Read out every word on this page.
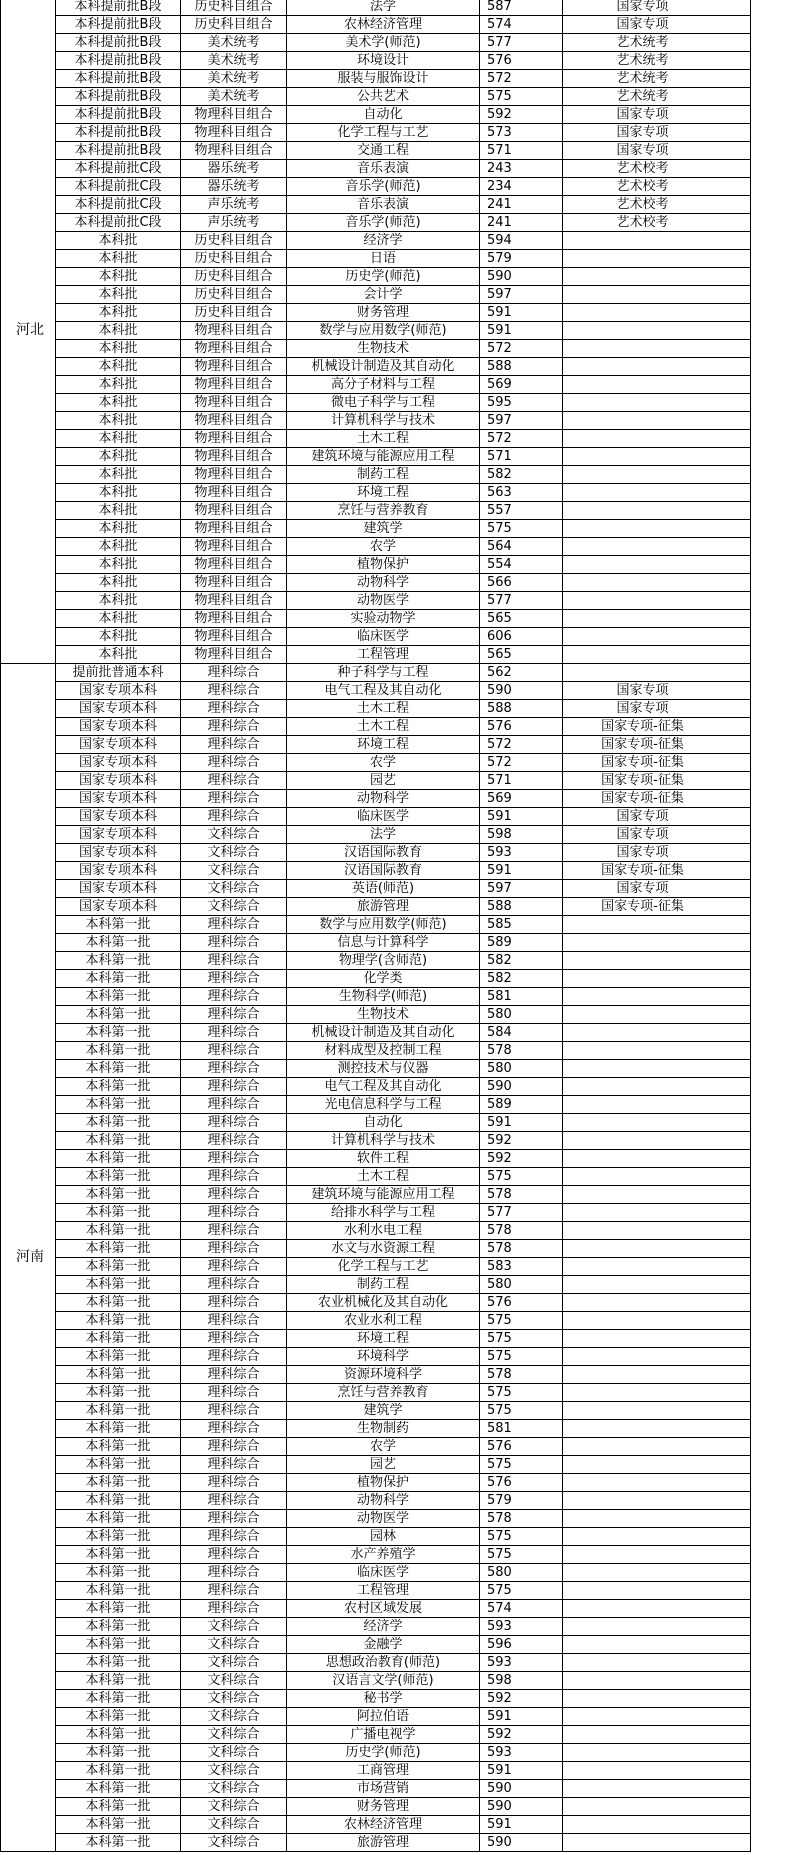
河北	本科提前批B段	历史科目组合	法学	587	国家专项
	本科提前批B段	历史科目组合	农林经济管理	574	国家专项
	本科提前批B段	美术统考	美术学(师范)	577	艺术统考
	本科提前批B段	美术统考	环境设计	576	艺术统考
	本科提前批B段	美术统考	服装与服饰设计	572	艺术统考
	本科提前批B段	美术统考	公共艺术	575	艺术统考
	本科提前批B段	物理科目组合	自动化	592	国家专项
	本科提前批B段	物理科目组合	化学工程与工艺	573	国家专项
	本科提前批B段	物理科目组合	交通工程	571	国家专项
	本科提前批C段	器乐统考	音乐表演	243	艺术校考
	本科提前批C段	器乐统考	音乐学(师范)	234	艺术校考
	本科提前批C段	声乐统考	音乐表演	241	艺术校考
	本科提前批C段	声乐统考	音乐学(师范)	241	艺术校考
	本科批	历史科目组合	经济学	594	
	本科批	历史科目组合	日语	579	
	本科批	历史科目组合	历史学(师范)	590	
	本科批	历史科目组合	会计学	597	
	本科批	历史科目组合	财务管理	591	
	本科批	物理科目组合	数学与应用数学(师范)	591	
	本科批	物理科目组合	生物技术	572	
	本科批	物理科目组合	机械设计制造及其自动化	588	
	本科批	物理科目组合	高分子材料与工程	569	
	本科批	物理科目组合	微电子科学与工程	595	
	本科批	物理科目组合	计算机科学与技术	597	
	本科批	物理科目组合	土木工程	572	
	本科批	物理科目组合	建筑环境与能源应用工程	571	
	本科批	物理科目组合	制药工程	582	
	本科批	物理科目组合	环境工程	563	
	本科批	物理科目组合	烹饪与营养教育	557	
	本科批	物理科目组合	建筑学	575	
	本科批	物理科目组合	农学	564	
	本科批	物理科目组合	植物保护	554	
	本科批	物理科目组合	动物科学	566	
	本科批	物理科目组合	动物医学	577	
	本科批	物理科目组合	实验动物学	565	
	本科批	物理科目组合	临床医学	606	
	本科批	物理科目组合	工程管理	565	
河南	提前批普通本科	理科综合	种子科学与工程	562	
	国家专项本科	理科综合	电气工程及其自动化	590	国家专项
	国家专项本科	理科综合	土木工程	588	国家专项
	国家专项本科	理科综合	土木工程	576	国家专项-征集
	国家专项本科	理科综合	环境工程	572	国家专项-征集
	国家专项本科	理科综合	农学	572	国家专项-征集
	国家专项本科	理科综合	园艺	571	国家专项-征集
	国家专项本科	理科综合	动物科学	569	国家专项-征集
	国家专项本科	理科综合	临床医学	591	国家专项
	国家专项本科	文科综合	法学	598	国家专项
	国家专项本科	文科综合	汉语国际教育	593	国家专项
	国家专项本科	文科综合	汉语国际教育	591	国家专项-征集
	国家专项本科	文科综合	英语(师范)	597	国家专项
	国家专项本科	文科综合	旅游管理	588	国家专项-征集
	本科第一批	理科综合	数学与应用数学(师范)	585	
	本科第一批	理科综合	信息与计算科学	589	
	本科第一批	理科综合	物理学(含师范)	582	
	本科第一批	理科综合	化学类	582	
	本科第一批	理科综合	生物科学(师范)	581	
	本科第一批	理科综合	生物技术	580	
	本科第一批	理科综合	机械设计制造及其自动化	584	
	本科第一批	理科综合	材料成型及控制工程	578	
	本科第一批	理科综合	测控技术与仪器	580	
	本科第一批	理科综合	电气工程及其自动化	590	
	本科第一批	理科综合	光电信息科学与工程	589	
	本科第一批	理科综合	自动化	591	
	本科第一批	理科综合	计算机科学与技术	592	
	本科第一批	理科综合	软件工程	592	
	本科第一批	理科综合	土木工程	575	
	本科第一批	理科综合	建筑环境与能源应用工程	578	
	本科第一批	理科综合	给排水科学与工程	577	
	本科第一批	理科综合	水利水电工程	578	
	本科第一批	理科综合	水文与水资源工程	578	
	本科第一批	理科综合	化学工程与工艺	583	
	本科第一批	理科综合	制药工程	580	
	本科第一批	理科综合	农业机械化及其自动化	576	
	本科第一批	理科综合	农业水利工程	575	
	本科第一批	理科综合	环境工程	575	
	本科第一批	理科综合	环境科学	575	
	本科第一批	理科综合	资源环境科学	578	
	本科第一批	理科综合	烹饪与营养教育	575	
	本科第一批	理科综合	建筑学	575	
	本科第一批	理科综合	生物制药	581	
	本科第一批	理科综合	农学	576	
	本科第一批	理科综合	园艺	575	
	本科第一批	理科综合	植物保护	576	
	本科第一批	理科综合	动物科学	579	
	本科第一批	理科综合	动物医学	578	
	本科第一批	理科综合	园林	575	
	本科第一批	理科综合	水产养殖学	575	
	本科第一批	理科综合	临床医学	580	
	本科第一批	理科综合	工程管理	575	
	本科第一批	理科综合	农村区域发展	574	
	本科第一批	文科综合	经济学	593	
	本科第一批	文科综合	金融学	596	
	本科第一批	文科综合	思想政治教育(师范)	593	
	本科第一批	文科综合	汉语言文学(师范)	598	
	本科第一批	文科综合	秘书学	592	
	本科第一批	文科综合	阿拉伯语	591	
	本科第一批	文科综合	广播电视学	592	
	本科第一批	文科综合	历史学(师范)	593	
	本科第一批	文科综合	工商管理	591	
	本科第一批	文科综合	市场营销	590	
	本科第一批	文科综合	财务管理	590	
	本科第一批	文科综合	农林经济管理	591	
	本科第一批	文科综合	旅游管理	590	
